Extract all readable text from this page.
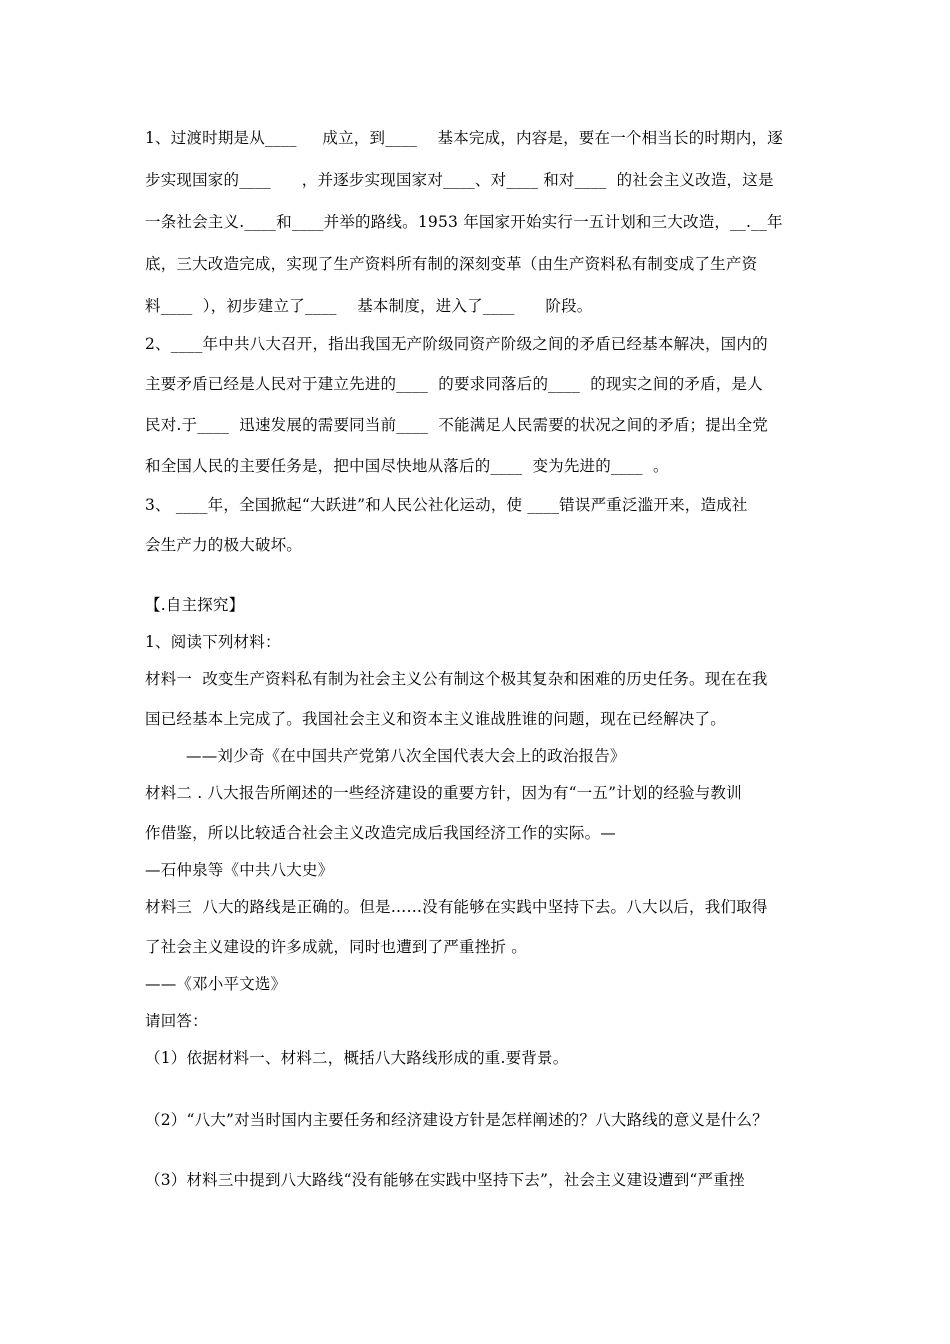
1、过渡时期是从____     成立，到____    基本完成，内容是，要在一个相当长的时期内，逐
步实现国家的____      ，并逐步实现国家对____、对____ 和对____  的社会主义改造，这是
一条社会主义.____和____并举的路线。1953 年国家开始实行一五计划和三大改造，__.__年
底，三大改造完成，实现了生产资料所有制的深刻变革（由生产资料私有制变成了生产资
料____  ），初步建立了____    基本制度，进入了____      阶段。
2、____年中共八大召开，指出我国无产阶级同资产阶级之间的矛盾已经基本解决，国内的
主要矛盾已经是人民对于建立先进的____  的要求同落后的____  的现实之间的矛盾，是人
民对.于____  迅速发展的需要同当前____  不能满足人民需要的状况之间的矛盾；提出全党
和全国人民的主要任务是，把中国尽快地从落后的____  变为先进的____  。
3、 ____年，全国掀起“大跃进”和人民公社化运动，使 ____错误严重泛滥开来，造成社
会生产力的极大破坏。
【.自主探究】
1、阅读下列材料：
材料一  改变生产资料私有制为社会主义公有制这个极其复杂和困难的历史任务。现在在我
国已经基本上完成了。我国社会主义和资本主义谁战胜谁的问题，现在已经解决了。
——刘少奇《在中国共产党第八次全国代表大会上的政治报告》
材料二 . 八大报告所阐述的一些经济建设的重要方针，因为有“一五”计划的经验与教训
作借鉴，所以比较适合社会主义改造完成后我国经济工作的实际。—
—石仲泉等《中共八大史》
材料三  八大的路线是正确的。但是……没有能够在实践中坚持下去。八大以后，我们取得
了社会主义建设的许多成就，同时也遭到了严重挫折 。
——《邓小平文选》
请回答：
（1）依据材料一、材料二，概括八大路线形成的重.要背景。
（2）“八大”对当时国内主要任务和经济建设方针是怎样阐述的？八大路线的意义是什么？
（3）材料三中提到八大路线“没有能够在实践中坚持下去”，社会主义建设遭到“严重挫
